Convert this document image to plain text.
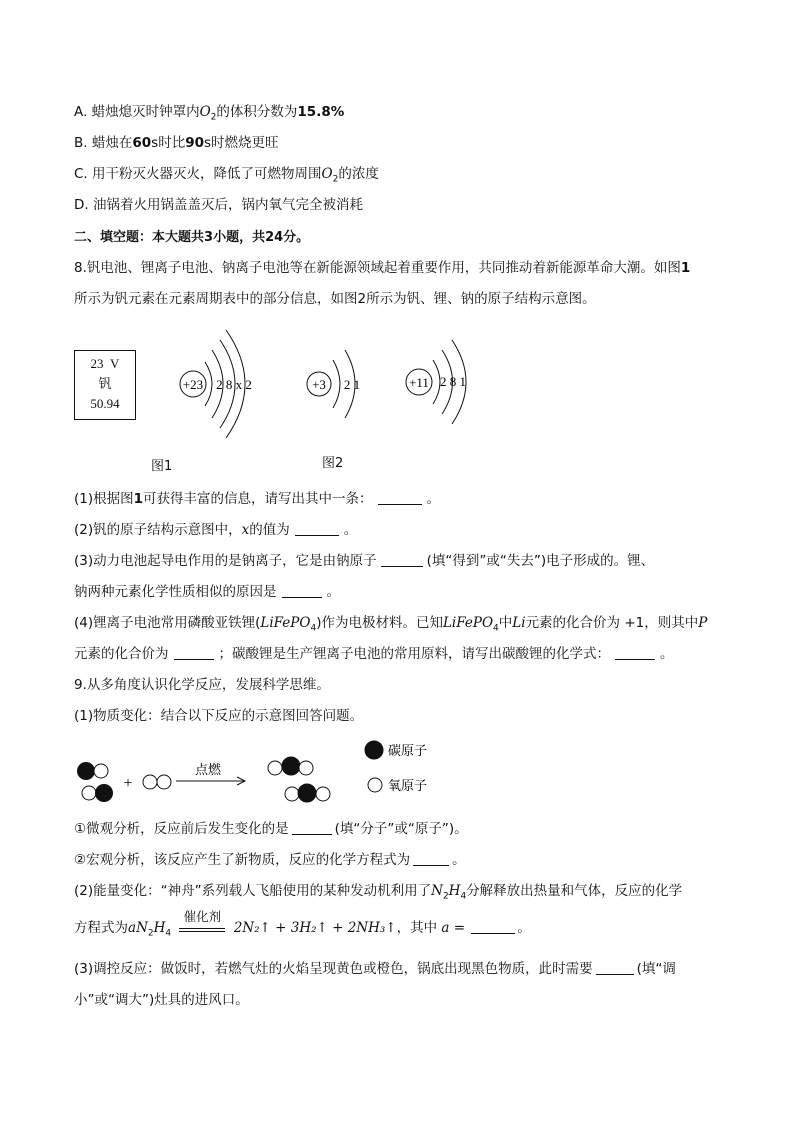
A. 蜡烛熄灭时钟罩内$O_2$的体积分数为15.8%
B. 蜡烛在60s时比90s时燃烧更旺
C. 用干粉灭火器灭火，降低了可燃物周围$O_2$的浓度
D. 油锅着火用锅盖盖灭后，锅内氧气完全被消耗
二、填空题：本大题共3小题，共24分。
8.钒电池、锂离子电池、钠离子电池等在新能源领域起着重要作用，共同推动着新能源革命大潮。如图1
所示为钒元素在元素周期表中的部分信息，如图2所示为钒、锂、钠的原子结构示意图。
23 V
钒
50.94
+23 2 8 x 2	+3 2 1	+11 2 8 1
图1	图2
(1)根据图1可获得丰富的信息，请写出其中一条：	。
(2)钒的原子结构示意图中，x的值为	。
(3)动力电池起导电作用的是钠离子，它是由钠原子	(填“得到”或“失去”)电子形成的。锂、
钠两种元素化学性质相似的原因是	。
(4)锂离子电池常用磷酸亚铁锂(LiFePO$_4$)作为电极材料。已知LiFePO$_4$中Li元素的化合价为 +1，则其中P
元素的化合价为	；碳酸锂是生产锂离子电池的常用原料，请写出碳酸锂的化学式：	。
9.从多角度认识化学反应，发展科学思维。
(1)物质变化：结合以下反应的示意图回答问题。
+
点燃
碳原子
氧原子
①微观分析，反应前后发生变化的是	(填“分子”或“原子”)。
②宏观分析，该反应产生了新物质，反应的化学方程式为	。
(2)能量变化：“神舟”系列载人飞船使用的某种发动机利用了$N_2H_4$分解释放出热量和气体，反应的化学
方程式为$aN_2H_4$
催化剂
2N₂↑ + 3H₂↑ + 2NH₃↑，其中 a =	。
(3)调控反应：做饭时，若燃气灶的火焰呈现黄色或橙色，锅底出现黑色物质，此时需要	(填“调
小”或“调大”)灶具的进风口。
